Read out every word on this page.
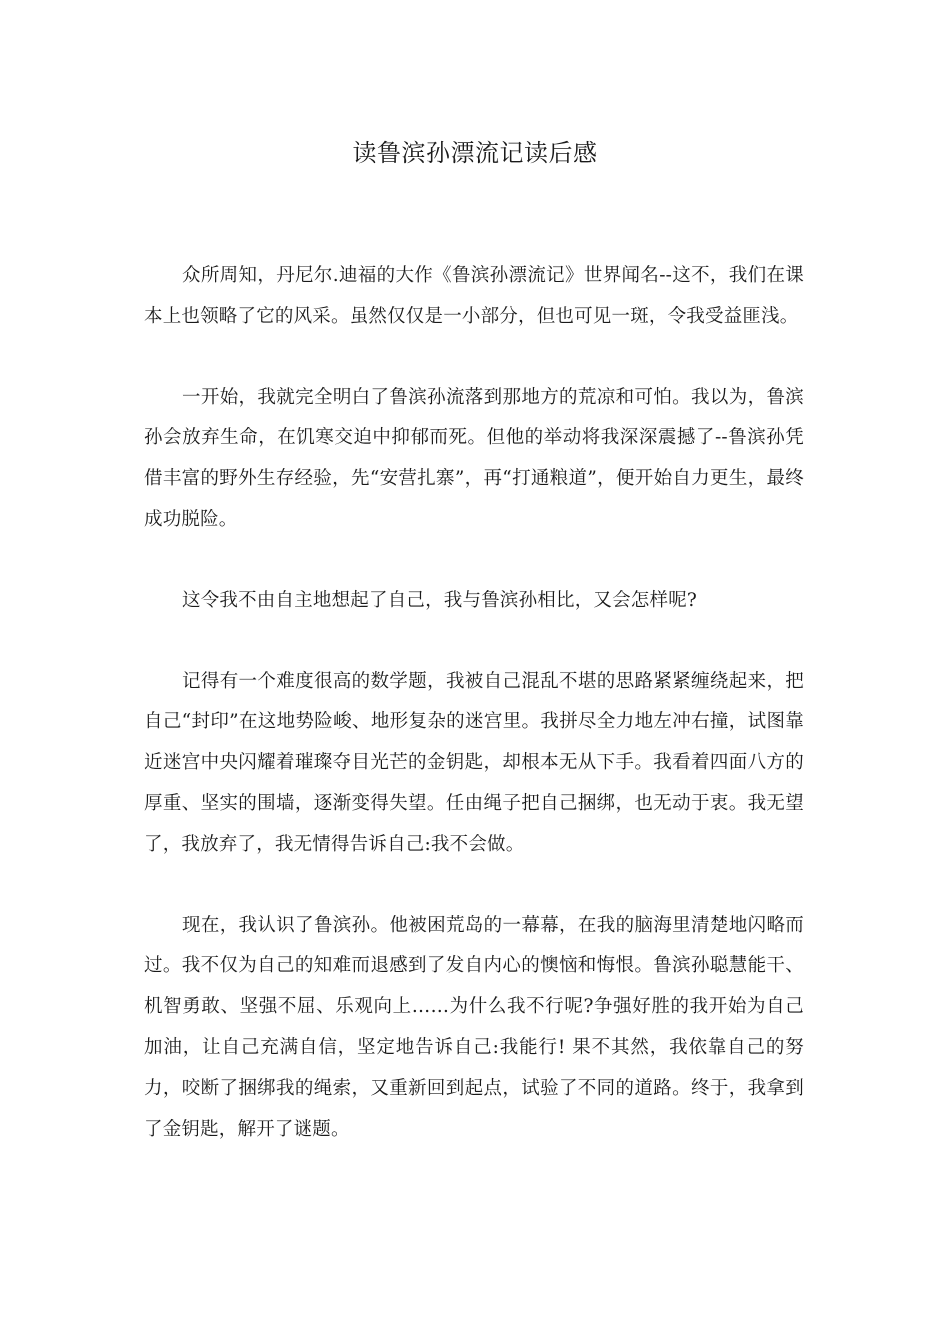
读鲁滨孙漂流记读后感

众所周知，丹尼尔.迪福的大作《鲁滨孙漂流记》世界闻名--这不，我们在课本上也领略了它的风采。虽然仅仅是一小部分，但也可见一斑，令我受益匪浅。

一开始，我就完全明白了鲁滨孙流落到那地方的荒凉和可怕。我以为，鲁滨孙会放弃生命，在饥寒交迫中抑郁而死。但他的举动将我深深震撼了--鲁滨孙凭借丰富的野外生存经验，先“安营扎寨”，再“打通粮道”，便开始自力更生，最终成功脱险。

这令我不由自主地想起了自己，我与鲁滨孙相比，又会怎样呢?

记得有一个难度很高的数学题，我被自己混乱不堪的思路紧紧缠绕起来，把自己“封印”在这地势险峻、地形复杂的迷宫里。我拼尽全力地左冲右撞，试图靠近迷宫中央闪耀着璀璨夺目光芒的金钥匙，却根本无从下手。我看着四面八方的厚重、坚实的围墙，逐渐变得失望。任由绳子把自己捆绑，也无动于衷。我无望了，我放弃了，我无情得告诉自己:我不会做。

现在，我认识了鲁滨孙。他被困荒岛的一幕幕，在我的脑海里清楚地闪略而过。我不仅为自己的知难而退感到了发自内心的懊恼和悔恨。鲁滨孙聪慧能干、机智勇敢、坚强不屈、乐观向上……为什么我不行呢?争强好胜的我开始为自己加油，让自己充满自信，坚定地告诉自己:我能行! 果不其然，我依靠自己的努力，咬断了捆绑我的绳索，又重新回到起点，试验了不同的道路。终于，我拿到了金钥匙，解开了谜题。
